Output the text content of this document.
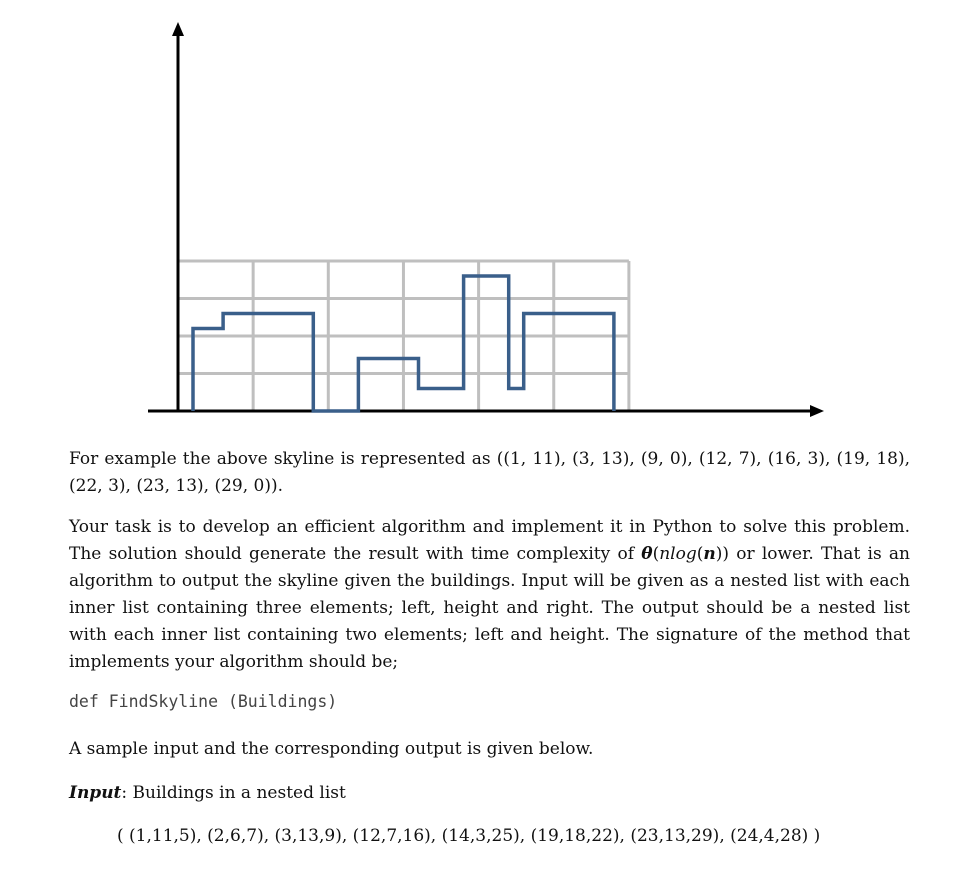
For example the above skyline is represented as ((1, 11), (3, 13), (9, 0), (12, 7), (16, 3), (19, 18), (22, 3), (23, 13), (29, 0)).

Your task is to develop an efficient algorithm and implement it in Python to solve this problem. The solution should generate the result with time complexity of θ(nlog(n)) or lower. That is an algorithm to output the skyline given the buildings. Input will be given as a nested list with each inner list containing three elements; left, height and right. The output should be a nested list with each inner list containing two elements; left and height. The signature of the method that implements your algorithm should be;

def FindSkyline (Buildings)

A sample input and the corresponding output is given below.

Input: Buildings in a nested list

( (1,11,5), (2,6,7), (3,13,9), (12,7,16), (14,3,25), (19,18,22), (23,13,29), (24,4,28) )
